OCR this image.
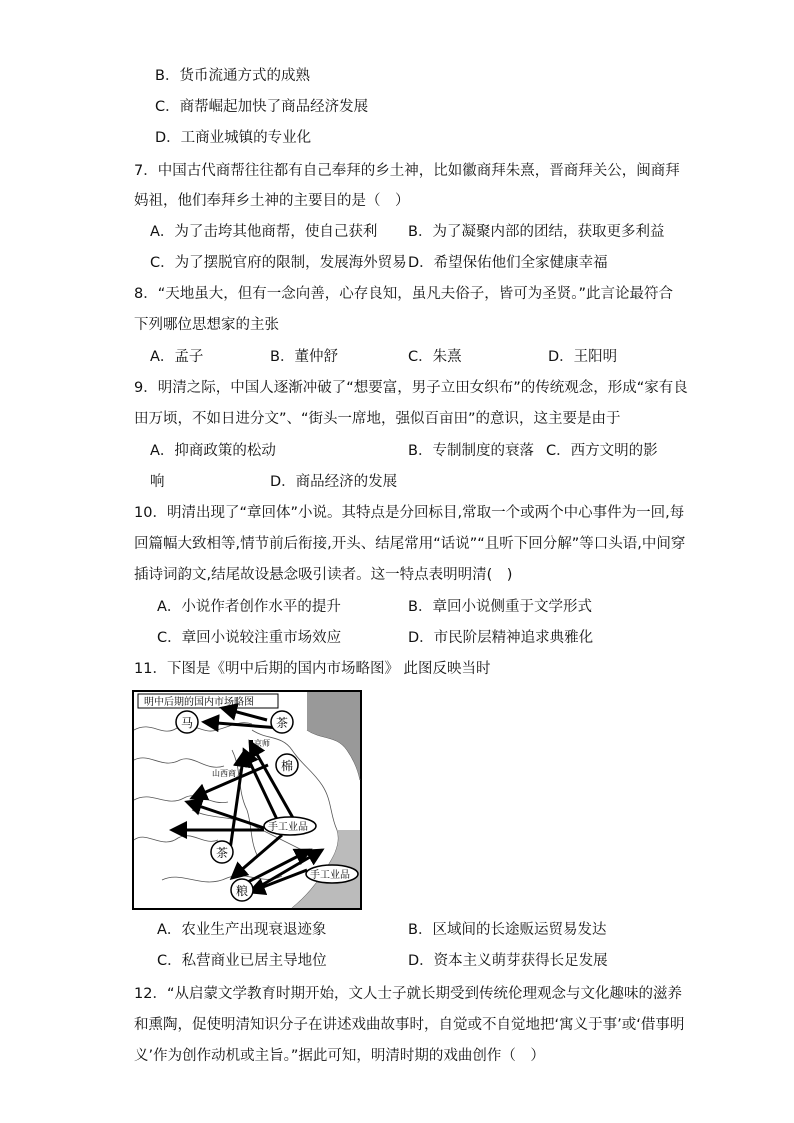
B．货币流通方式的成熟
C．商帮崛起加快了商品经济发展
D．工商业城镇的专业化
7．中国古代商帮往往都有自己奉拜的乡土神，比如徽商拜朱熹，晋商拜关公，闽商拜
妈祖，他们奉拜乡土神的主要目的是（　）
A．为了击垮其他商帮，使自己获利 B．为了凝聚内部的团结，获取更多利益
C．为了摆脱官府的限制，发展海外贸易 D．希望保佑他们全家健康幸福
8．“天地虽大，但有一念向善，心存良知，虽凡夫俗子，皆可为圣贤。”此言论最符合
下列哪位思想家的主张
A．孟子	B．董仲舒	C．朱熹	D．王阳明
9．明清之际，中国人逐渐冲破了“想要富，男子立田女织布”的传统观念，形成“家有良
田万顷，不如日进分文”、“街头一席地，强似百亩田”的意识，这主要是由于
A．抑商政策的松动	B．专制制度的衰落 C．西方文明的影
响	D．商品经济的发展
10．明清出现了“章回体”小说。其特点是分回标目,常取一个或两个中心事件为一回,每
回篇幅大致相等,情节前后衔接,开头、结尾常用“话说”“且听下回分解”等口头语,中间穿
插诗词韵文,结尾故设悬念吸引读者。这一特点表明明清(　)
A．小说作者创作水平的提升	B．章回小说侧重于文学形式
C．章回小说较注重市场效应	D．市民阶层精神追求典雅化
11．下图是《明中后期的国内市场略图》 此图反映当时
明中后期的国内市场略图
马	茶
京师
棉
山西商人
手工业品
茶
手工业品
粮
A．农业生产出现衰退迹象	B．区域间的长途贩运贸易发达
C．私营商业已居主导地位	D．资本主义萌芽获得长足发展
12．“从启蒙文学教育时期开始，文人士子就长期受到传统伦理观念与文化趣味的滋养
和熏陶，促使明清知识分子在讲述戏曲故事时，自觉或不自觉地把‘寓义于事’或‘借事明
义’作为创作动机或主旨。”据此可知，明清时期的戏曲创作（　）
